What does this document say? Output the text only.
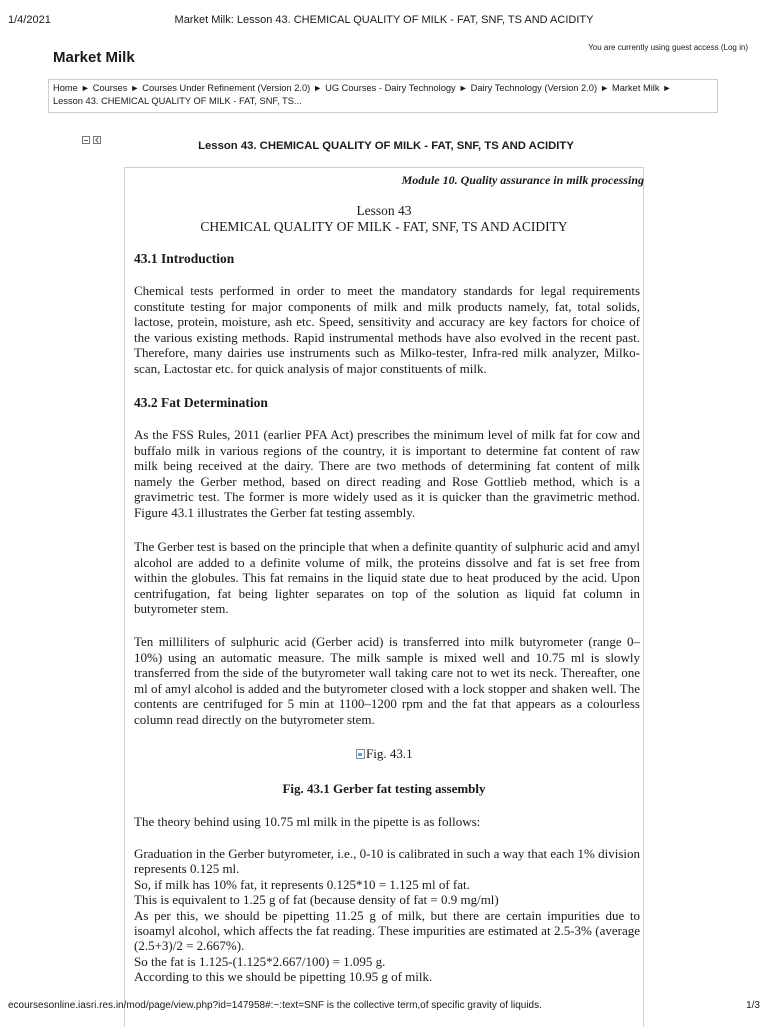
1/4/2021	Market Milk: Lesson 43. CHEMICAL QUALITY OF MILK - FAT, SNF, TS AND ACIDITY
Market Milk
You are currently using guest access (Log in)
Home ► Courses ► Courses Under Refinement (Version 2.0) ► UG Courses - Dairy Technology ► Dairy Technology (Version 2.0) ► Market Milk ►
Lesson 43. CHEMICAL QUALITY OF MILK - FAT, SNF, TS...
Lesson 43. CHEMICAL QUALITY OF MILK - FAT, SNF, TS AND ACIDITY
Module 10. Quality assurance in milk processing
Lesson 43
CHEMICAL QUALITY OF MILK - FAT, SNF, TS AND ACIDITY
43.1 Introduction
Chemical tests performed in order to meet the mandatory standards for legal requirements constitute testing for major components of milk and milk products namely, fat, total solids, lactose, protein, moisture, ash etc. Speed, sensitivity and accuracy are key factors for choice of the various existing methods. Rapid instrumental methods have also evolved in the recent past. Therefore, many dairies use instruments such as Milko-tester, Infra-red milk analyzer, Milko-scan, Lactostar etc. for quick analysis of major constituents of milk.
43.2 Fat Determination
As the FSS Rules, 2011 (earlier PFA Act) prescribes the minimum level of milk fat for cow and buffalo milk in various regions of the country, it is important to determine fat content of raw milk being received at the dairy. There are two methods of determining fat content of milk namely the Gerber method, based on direct reading and Rose Gottlieb method, which is a gravimetric test. The former is more widely used as it is quicker than the gravimetric method. Figure 43.1 illustrates the Gerber fat testing assembly.
The Gerber test is based on the principle that when a definite quantity of sulphuric acid and amyl alcohol are added to a definite volume of milk, the proteins dissolve and fat is set free from within the globules. This fat remains in the liquid state due to heat produced by the acid. Upon centrifugation, fat being lighter separates on top of the solution as liquid fat column in butyrometer stem.
Ten milliliters of sulphuric acid (Gerber acid) is transferred into milk butyrometer (range 0–10%) using an automatic measure. The milk sample is mixed well and 10.75 ml is slowly transferred from the side of the butyrometer wall taking care not to wet its neck. Thereafter, one ml of amyl alcohol is added and the butyrometer closed with a lock stopper and shaken well. The contents are centrifuged for 5 min at 1100–1200 rpm and the fat that appears as a colourless column read directly on the butyrometer stem.
Fig. 43.1
Fig. 43.1 Gerber fat testing assembly
The theory behind using 10.75 ml milk in the pipette is as follows:
Graduation in the Gerber butyrometer, i.e., 0-10 is calibrated in such a way that each 1% division represents 0.125 ml.
So, if milk has 10% fat, it represents 0.125*10 = 1.125 ml of fat.
This is equivalent to 1.25 g of fat (because density of fat = 0.9 mg/ml)
As per this, we should be pipetting 11.25 g of milk, but there are certain impurities due to isoamyl alcohol, which affects the fat reading. These impurities are estimated at 2.5-3% (average (2.5+3)/2 = 2.667%).
So the fat is 1.125-(1.125*2.667/100) = 1.095 g.
According to this we should be pipetting 10.95 g of milk.
ecoursesonline.iasri.res.in/mod/page/view.php?id=147958#:~:text=SNF is the collective term,of specific gravity of liquids.	1/3
